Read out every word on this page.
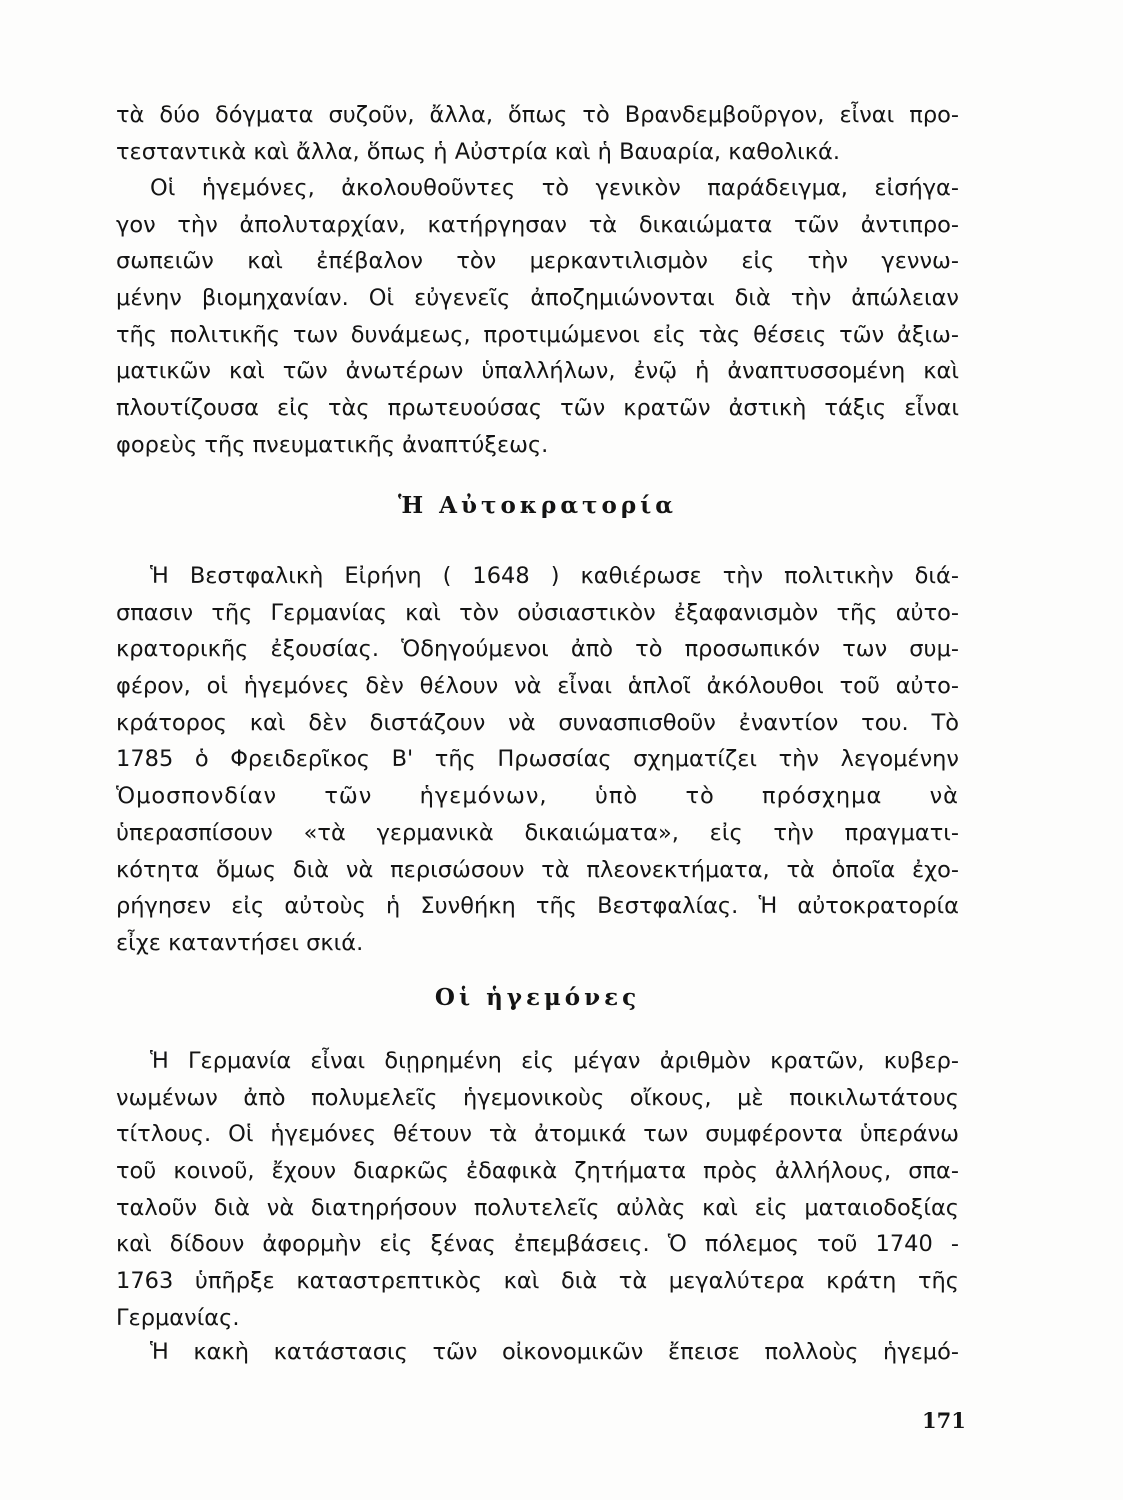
τὰ δύο δόγματα συζοῦν, ἄλλα, ὅπως τὸ Βρανδεμβοῦργον, εἶναι προ-
τεσταντικὰ καὶ ἄλλα, ὅπως ἡ Αὐστρία καὶ ἡ Βαυαρία, καθολικά.
Οἱ ἡγεμόνες, ἀκολουθοῦντες τὸ γενικὸν παράδειγμα, εἰσήγα-
γον τὴν ἀπολυταρχίαν, κατήργησαν τὰ δικαιώματα τῶν ἀντιπρο-
σωπειῶν καὶ ἐπέβαλον τὸν μερκαντιλισμὸν εἰς τὴν γεννω-
μένην βιομηχανίαν. Οἱ εὐγενεῖς ἀποζημιώνονται διὰ τὴν ἀπώλειαν
τῆς πολιτικῆς των δυνάμεως, προτιμώμενοι εἰς τὰς θέσεις τῶν ἀξιω-
ματικῶν καὶ τῶν ἀνωτέρων ὑπαλλήλων, ἐνῷ ἡ ἀναπτυσσομένη καὶ
πλουτίζουσα εἰς τὰς πρωτευούσας τῶν κρατῶν ἀστικὴ τάξις εἶναι
φορεὺς τῆς πνευματικῆς ἀναπτύξεως.
Ἡ Αὐτοκρατορία
Ἡ Βεστφαλικὴ Εἰρήνη ( 1648 ) καθιέρωσε τὴν πολιτικὴν διά-
σπασιν τῆς Γερμανίας καὶ τὸν οὐσιαστικὸν ἐξαφανισμὸν τῆς αὐτο-
κρατορικῆς ἐξουσίας. Ὁδηγούμενοι ἀπὸ τὸ προσωπικόν των συμ-
φέρον, οἱ ἡγεμόνες δὲν θέλουν νὰ εἶναι ἁπλοῖ ἀκόλουθοι τοῦ αὐτο-
κράτορος καὶ δὲν διστάζουν νὰ συνασπισθοῦν ἐναντίον του. Τὸ
1785 ὁ Φρειδερῖκος Β' τῆς Πρωσσίας σχηματίζει τὴν λεγομένην
Ὁμοσπονδίαν τῶν ἡγεμόνων, ὑπὸ τὸ πρόσχημα νὰ
ὑπερασπίσουν «τὰ γερμανικὰ δικαιώματα», εἰς τὴν πραγματι-
κότητα ὅμως διὰ νὰ περισώσουν τὰ πλεονεκτήματα, τὰ ὁποῖα ἐχο-
ρήγησεν εἰς αὐτοὺς ἡ Συνθήκη τῆς Βεστφαλίας. Ἡ αὐτοκρατορία
εἶχε καταντήσει σκιά.
Οἱ ἡγεμόνες
Ἡ Γερμανία εἶναι διῃρημένη εἰς μέγαν ἀριθμὸν κρατῶν, κυβερ-
νωμένων ἀπὸ πολυμελεῖς ἡγεμονικοὺς οἴκους, μὲ ποικιλωτάτους
τίτλους. Οἱ ἡγεμόνες θέτουν τὰ ἀτομικά των συμφέροντα ὑπεράνω
τοῦ κοινοῦ, ἔχουν διαρκῶς ἐδαφικὰ ζητήματα πρὸς ἀλλήλους, σπα-
ταλοῦν διὰ νὰ διατηρήσουν πολυτελεῖς αὐλὰς καὶ εἰς ματαιοδοξίας
καὶ δίδουν ἀφορμὴν εἰς ξένας ἐπεμβάσεις. Ὁ πόλεμος τοῦ 1740 -
1763 ὑπῆρξε καταστρεπτικὸς καὶ διὰ τὰ μεγαλύτερα κράτη τῆς
Γερμανίας.
Ἡ κακὴ κατάστασις τῶν οἰκονομικῶν ἔπεισε πολλοὺς ἡγεμό-
171
